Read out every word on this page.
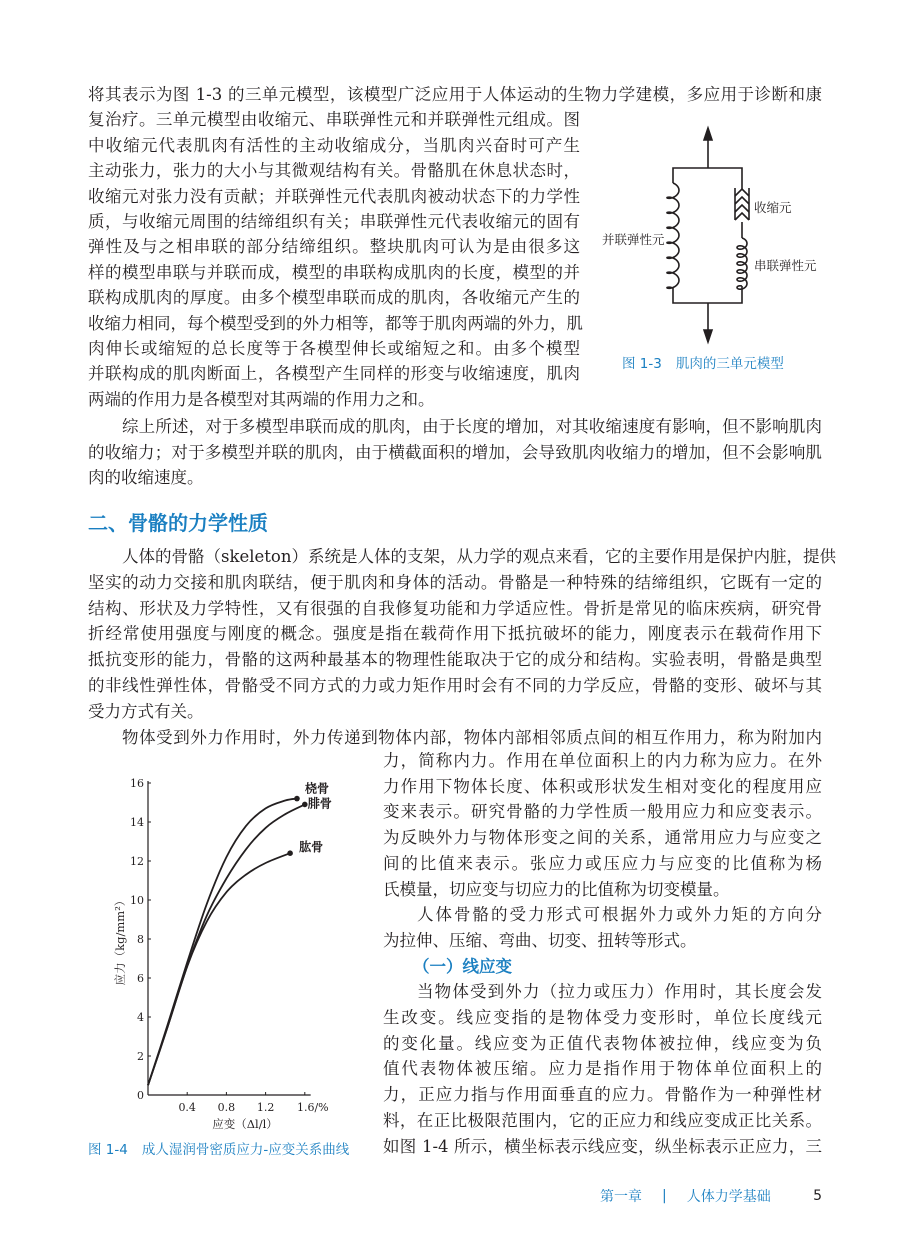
将其表示为图 1-3 的三单元模型，该模型广泛应用于人体运动的生物力学建模，多应用于诊断和康
复治疗。三单元模型由收缩元、串联弹性元和并联弹性元组成。图
中收缩元代表肌肉有活性的主动收缩成分，当肌肉兴奋时可产生
主动张力，张力的大小与其微观结构有关。骨骼肌在休息状态时，
收缩元对张力没有贡献；并联弹性元代表肌肉被动状态下的力学性
质，与收缩元周围的结缔组织有关；串联弹性元代表收缩元的固有
弹性及与之相串联的部分结缔组织。整块肌肉可认为是由很多这
样的模型串联与并联而成，模型的串联构成肌肉的长度，模型的并
联构成肌肉的厚度。由多个模型串联而成的肌肉，各收缩元产生的
收缩力相同，每个模型受到的外力相等，都等于肌肉两端的外力，肌
肉伸长或缩短的总长度等于各模型伸长或缩短之和。由多个模型
并联构成的肌肉断面上，各模型产生同样的形变与收缩速度，肌肉
两端的作用力是各模型对其两端的作用力之和。
收缩元
并联弹性元
串联弹性元
图 1-3 肌肉的三单元模型
综上所述，对于多模型串联而成的肌肉，由于长度的增加，对其收缩速度有影响，但不影响肌肉
的收缩力；对于多模型并联的肌肉，由于横截面积的增加，会导致肌肉收缩力的增加，但不会影响肌
肉的收缩速度。
二、骨骼的力学性质
人体的骨骼（skeleton）系统是人体的支架，从力学的观点来看，它的主要作用是保护内脏，提供
坚实的动力交接和肌肉联结，便于肌肉和身体的活动。骨骼是一种特殊的结缔组织，它既有一定的
结构、形状及力学特性，又有很强的自我修复功能和力学适应性。骨折是常见的临床疾病，研究骨
折经常使用强度与刚度的概念。强度是指在载荷作用下抵抗破坏的能力，刚度表示在载荷作用下
抵抗变形的能力，骨骼的这两种最基本的物理性能取决于它的成分和结构。实验表明，骨骼是典型
的非线性弹性体，骨骼受不同方式的力或力矩作用时会有不同的力学反应，骨骼的变形、破坏与其
受力方式有关。
物体受到外力作用时，外力传递到物体内部，物体内部相邻质点间的相互作用力，称为附加内
0
2
4
6
8
10
12
14
16
0.4 0.8 1.2 1.6/%
应变（Δl/l）
应力（kg/mm²）
桡骨
腓骨
肱骨
图 1-4 成人湿润骨密质应力-应变关系曲线
力，简称内力。作用在单位面积上的内力称为应力。在外
力作用下物体长度、体积或形状发生相对变化的程度用应
变来表示。研究骨骼的力学性质一般用应力和应变表示。
为反映外力与物体形变之间的关系，通常用应力与应变之
间的比值来表示。张应力或压应力与应变的比值称为杨
氏模量，切应变与切应力的比值称为切变模量。
人体骨骼的受力形式可根据外力或外力矩的方向分
为拉伸、压缩、弯曲、切变、扭转等形式。
（一）线应变
当物体受到外力（拉力或压力）作用时，其长度会发
生改变。线应变指的是物体受力变形时，单位长度线元
的变化量。线应变为正值代表物体被拉伸，线应变为负
值代表物体被压缩。应力是指作用于物体单位面积上的
力，正应力指与作用面垂直的应力。骨骼作为一种弹性材
料，在正比极限范围内，它的正应力和线应变成正比关系。
如图 1-4 所示，横坐标表示线应变，纵坐标表示正应力，三
第一章 | 人体力学基础	5
